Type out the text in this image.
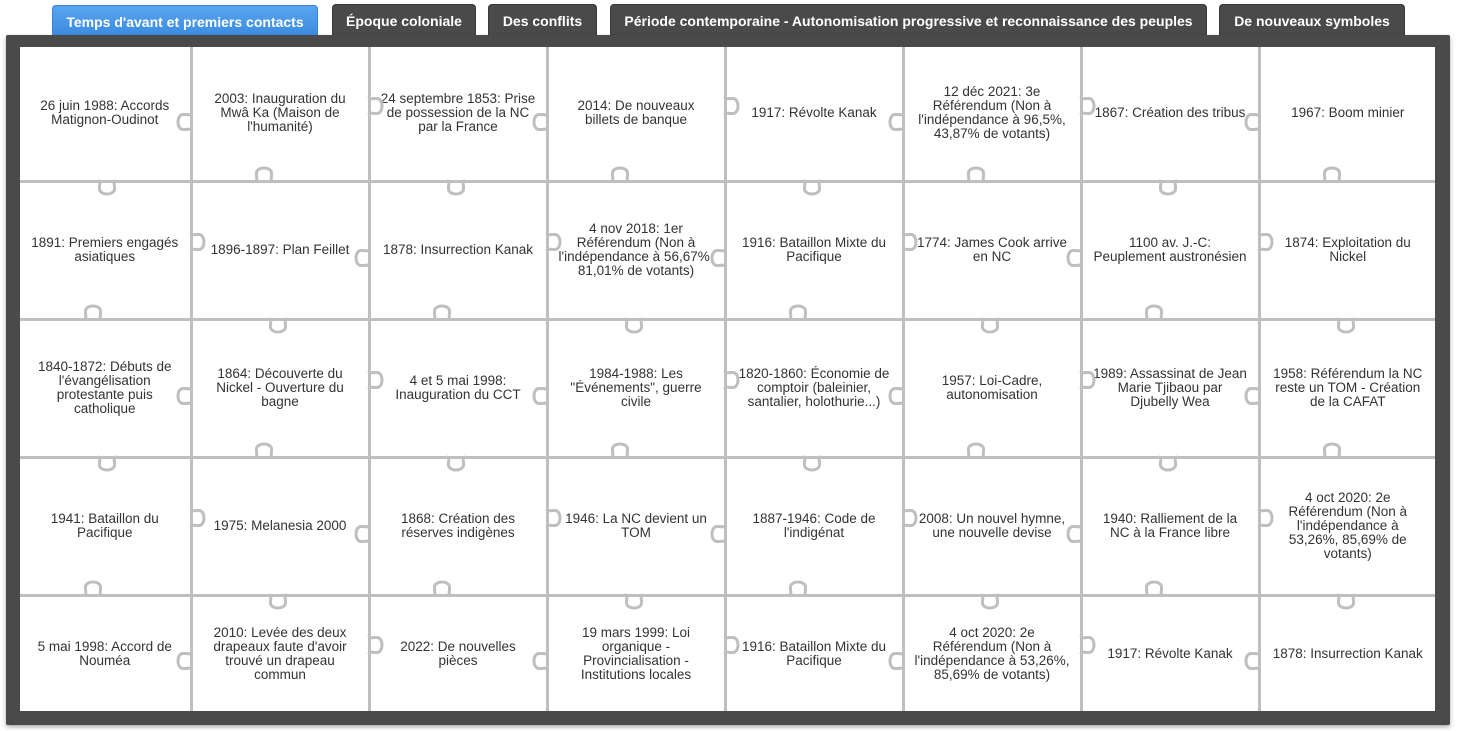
Temps d'avant et premiers contacts	Époque coloniale	Des conflits	Période contemporaine - Autonomisation progressive et reconnaissance des peuples	De nouveaux symboles
26 juin 1988: Accords Matignon-Oudinot
2003: Inauguration du Mwâ Ka (Maison de l'humanité)
24 septembre 1853: Prise de possession de la NC par la France
2014: De nouveaux billets de banque	1917: Révolte Kanak
12 déc 2021: 3e Référendum (Non à l'indépendance à 96,5%, 43,87% de votants)
1867: Création des tribus	1967: Boom minier
1891: Premiers engagés asiatiques	1896-1897: Plan Feillet	1878: Insurrection Kanak
4 nov 2018: 1er Référendum (Non à l'indépendance à 56,67%, 81,01% de votants)
1916: Bataillon Mixte du Pacifique
1774: James Cook arrive en NC
1100 av. J.-C: Peuplement austronésien
1874: Exploitation du Nickel
1840-1872: Débuts de l'évangélisation protestante puis catholique
1864: Découverte du Nickel - Ouverture du bagne
4 et 5 mai 1998: Inauguration du CCT
1984-1988: Les "Événements", guerre civile
1820-1860: Économie de comptoir (baleinier, santalier, holothurie...)
1957: Loi-Cadre, autonomisation
1989: Assassinat de Jean Marie Tjibaou par Djubelly Wea
1958: Référendum la NC reste un TOM - Création de la CAFAT
1941: Bataillon du Pacifique	1975: Melanesia 2000	1868: Création des réserves indigènes
1946: La NC devient un TOM
1887-1946: Code de l'indigénat
2008: Un nouvel hymne, une nouvelle devise
1940: Ralliement de la NC à la France libre
4 oct 2020: 2e Référendum (Non à l'indépendance à 53,26%, 85,69% de votants)
5 mai 1998: Accord de Nouméa
2010: Levée des deux drapeaux faute d'avoir trouvé un drapeau commun
2022: De nouvelles pièces
19 mars 1999: Loi organique - Provincialisation - Institutions locales
1916: Bataillon Mixte du Pacifique
4 oct 2020: 2e Référendum (Non à l'indépendance à 53,26%, 85,69% de votants)
1917: Révolte Kanak	1878: Insurrection Kanak
